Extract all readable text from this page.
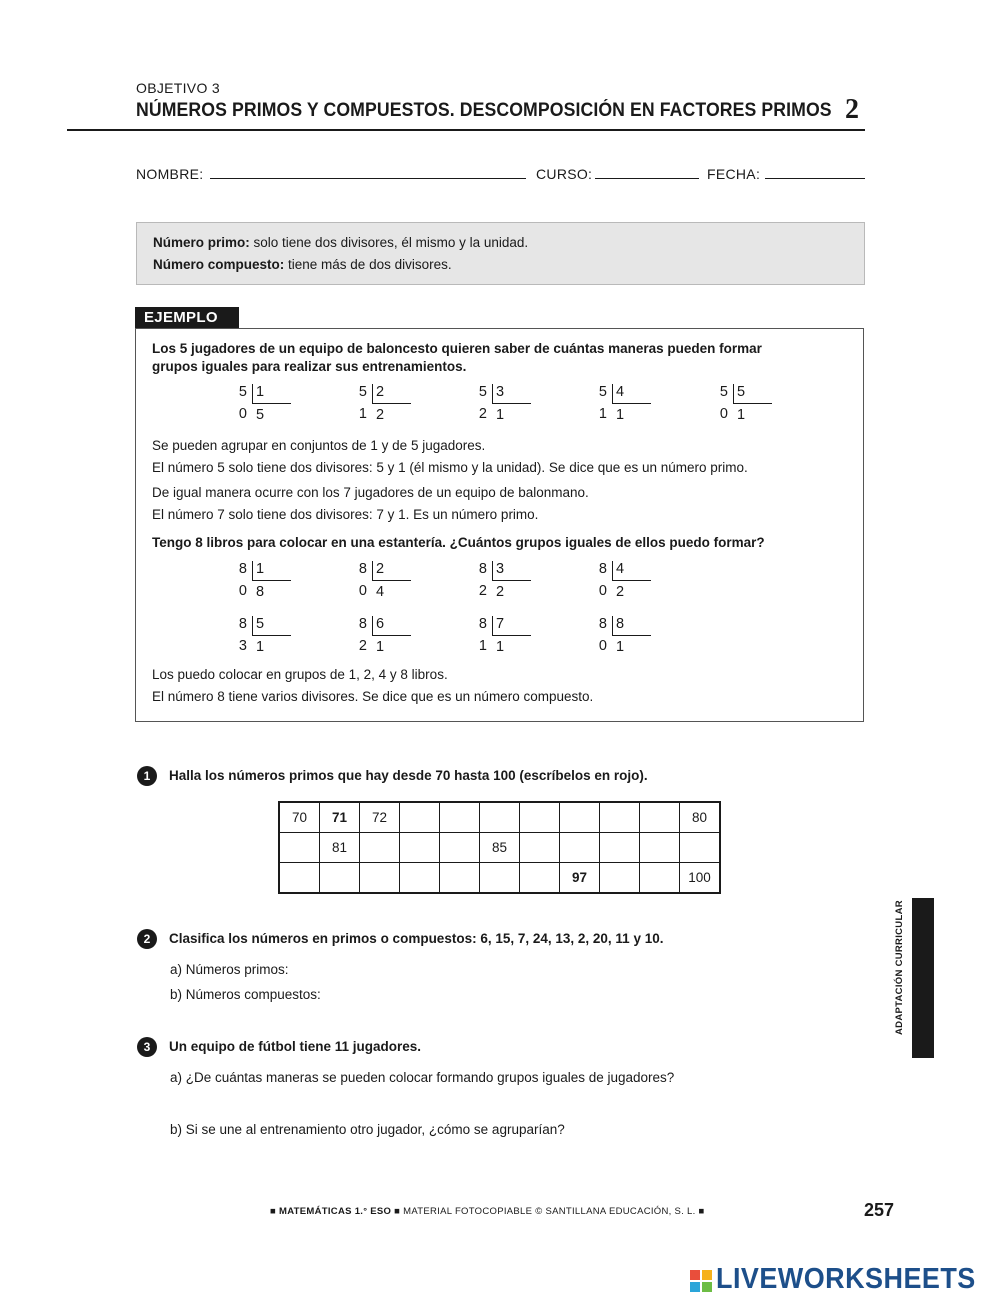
OBJETIVO 3
NÚMEROS PRIMOS Y COMPUESTOS. DESCOMPOSICIÓN EN FACTORES PRIMOS 2
NOMBRE:	CURSO:	FECHA:
Número primo: solo tiene dos divisores, él mismo y la unidad.
Número compuesto: tiene más de dos divisores.
EJEMPLO
Los 5 jugadores de un equipo de baloncesto quieren saber de cuántas maneras pueden formar
grupos iguales para realizar sus entrenamientos.
5 1
0 5
5 2
1 2
5 3
2 1
5 4
1 1
5 5
0 1
Se pueden agrupar en conjuntos de 1 y de 5 jugadores.
El número 5 solo tiene dos divisores: 5 y 1 (él mismo y la unidad). Se dice que es un número primo.
De igual manera ocurre con los 7 jugadores de un equipo de balonmano.
El número 7 solo tiene dos divisores: 7 y 1. Es un número primo.
Tengo 8 libros para colocar en una estantería. ¿Cuántos grupos iguales de ellos puedo formar?
8 1
0 8
8 2
0 4
8 3
2 2
8 4
0 2
8 5
3 1
8 6
2 1
8 7
1 1
8 8
0 1
Los puedo colocar en grupos de 1, 2, 4 y 8 libros.
El número 8 tiene varios divisores. Se dice que es un número compuesto.
1	Halla los números primos que hay desde 70 hasta 100 (escríbelos en rojo).
70	71	72								80
	81				85					
							97			100
2	Clasifica los números en primos o compuestos: 6, 15, 7, 24, 13, 2, 20, 11 y 10.
a) Números primos:
b) Números compuestos:
3	Un equipo de fútbol tiene 11 jugadores.
a) ¿De cuántas maneras se pueden colocar formando grupos iguales de jugadores?
b) Si se une al entrenamiento otro jugador, ¿cómo se agruparían?
ADAPTACIÓN CURRICULAR
■ MATEMÁTICAS 1.° ESO ■ MATERIAL FOTOCOPIABLE © SANTILLANA EDUCACIÓN, S. L. ■	257
LIVEWORKSHEETS
